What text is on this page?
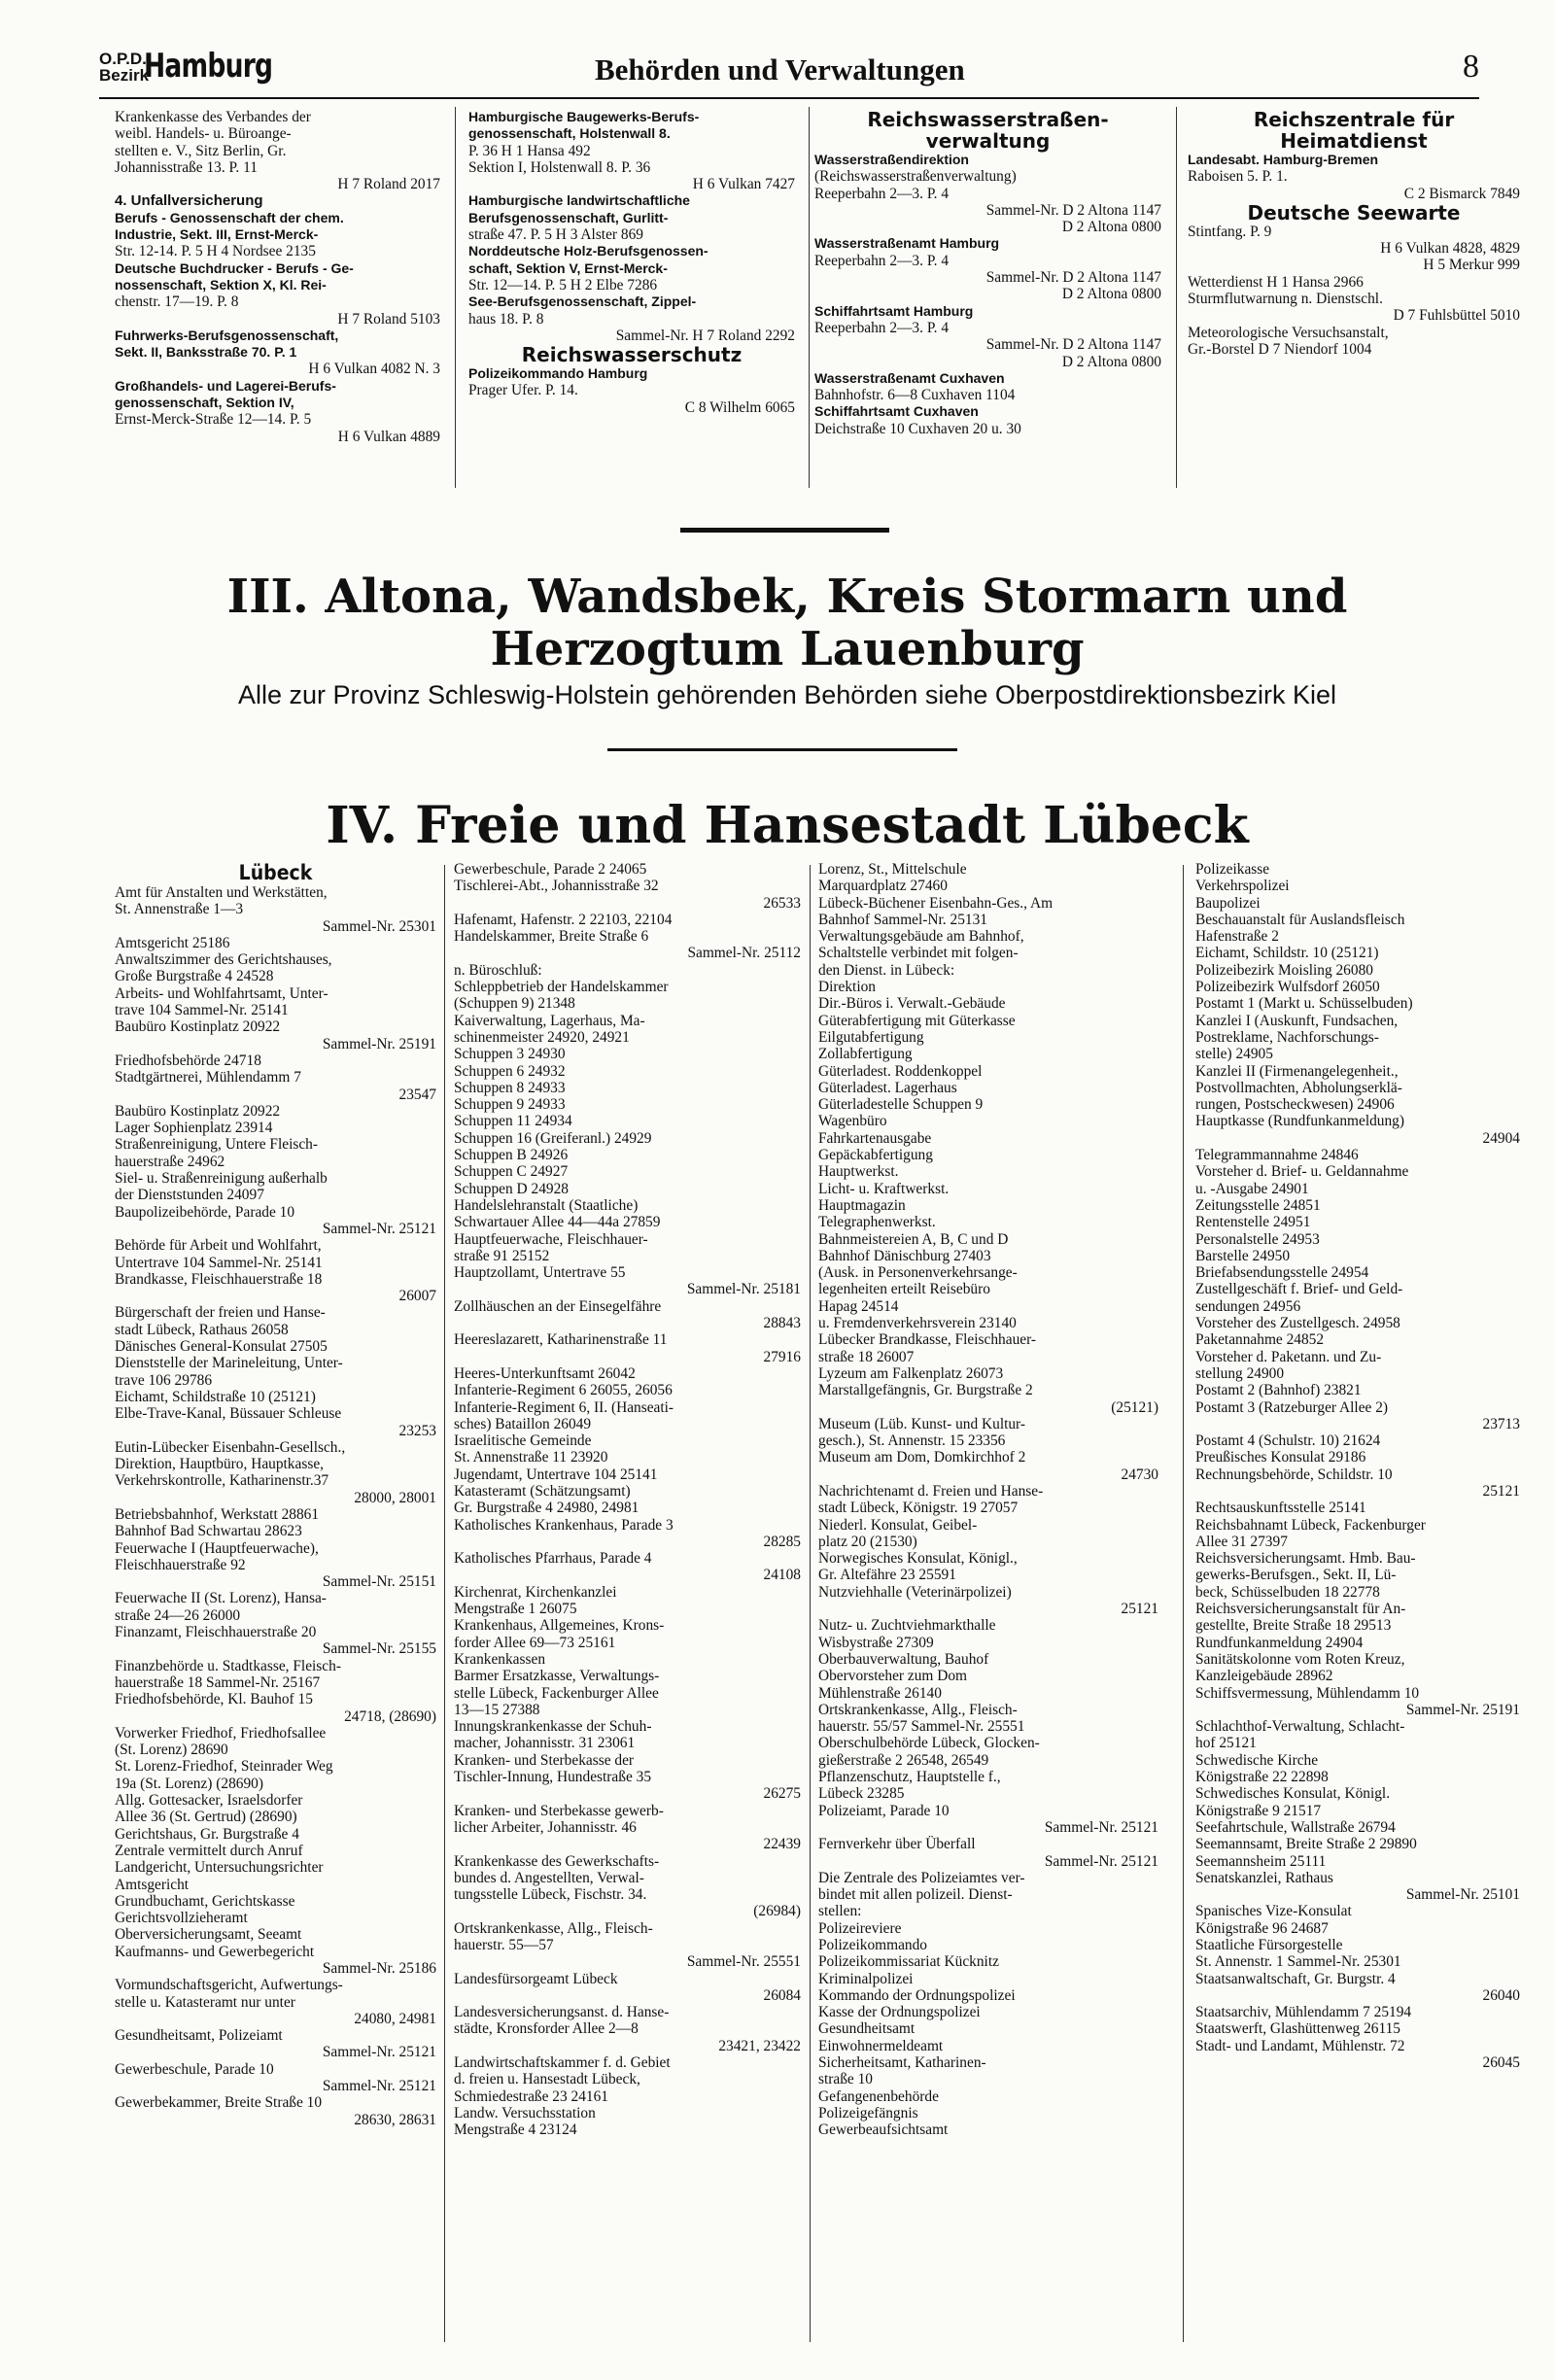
O.P.D.
Bezirk
Hamburg	Behörden und Verwaltungen	8
Krankenkasse des Verbandes der
weibl. Handels- u. Büroange-
stellten e. V., Sitz Berlin, Gr.
Johannisstraße 13. P. 11
H 7 Roland 2017
4. Unfallversicherung
Berufs - Genossenschaft der chem.
Industrie, Sekt. III, Ernst-Merck-
Str. 12-14. P. 5 H 4 Nordsee 2135
Deutsche Buchdrucker - Berufs - Ge-
nossenschaft, Sektion X, Kl. Rei-
chenstr. 17—19. P. 8
H 7 Roland 5103
Fuhrwerks-Berufsgenossenschaft,
Sekt. II, Banksstraße 70. P. 1
H 6 Vulkan 4082 N. 3
Großhandels- und Lagerei-Berufs-
genossenschaft, Sektion IV,
Ernst-Merck-Straße 12—14. P. 5
H 6 Vulkan 4889
Hamburgische Baugewerks-Berufs-
genossenschaft, Holstenwall 8.
P. 36 H 1 Hansa 492
Sektion I, Holstenwall 8. P. 36
H 6 Vulkan 7427
Hamburgische landwirtschaftliche
Berufsgenossenschaft, Gurlitt-
straße 47. P. 5 H 3 Alster 869
Norddeutsche Holz-Berufsgenossen-
schaft, Sektion V, Ernst-Merck-
Str. 12—14. P. 5 H 2 Elbe 7286
See-Berufsgenossenschaft, Zippel-
haus 18. P. 8
Sammel-Nr. H 7 Roland 2292
Reichswasserschutz
Polizeikommando Hamburg
Prager Ufer. P. 14.
C 8 Wilhelm 6065
Reichswasserstraßen-
verwaltung
Wasserstraßendirektion
(Reichswasserstraßenverwaltung)
Reeperbahn 2—3. P. 4
Sammel-Nr. D 2 Altona 1147
D 2 Altona 0800
Wasserstraßenamt Hamburg
Reeperbahn 2—3. P. 4
Sammel-Nr. D 2 Altona 1147
D 2 Altona 0800
Schiffahrtsamt Hamburg
Reeperbahn 2—3. P. 4
Sammel-Nr. D 2 Altona 1147
D 2 Altona 0800
Wasserstraßenamt Cuxhaven
Bahnhofstr. 6—8 Cuxhaven 1104
Schiffahrtsamt Cuxhaven
Deichstraße 10 Cuxhaven 20 u. 30
Reichszentrale für
Heimatdienst
Landesabt. Hamburg-Bremen
Raboisen 5. P. 1.
C 2 Bismarck 7849
Deutsche Seewarte
Stintfang. P. 9
H 6 Vulkan 4828, 4829
H 5 Merkur 999
Wetterdienst H 1 Hansa 2966
Sturmflutwarnung n. Dienstschl.
D 7 Fuhlsbüttel 5010
Meteorologische Versuchsanstalt,
Gr.-Borstel D 7 Niendorf 1004
III. Altona, Wandsbek, Kreis Stormarn und
Herzogtum Lauenburg
Alle zur Provinz Schleswig-Holstein gehörenden Behörden siehe Oberpostdirektionsbezirk Kiel
IV. Freie und Hansestadt Lübeck
Lübeck
Amt für Anstalten und Werkstätten,
St. Annenstraße 1—3
Sammel-Nr. 25301
Amtsgericht 25186
Anwaltszimmer des Gerichtshauses,
Große Burgstraße 4 24528
Arbeits- und Wohlfahrtsamt, Unter-
trave 104 Sammel-Nr. 25141
Baubüro Kostinplatz 20922
Sammel-Nr. 25191
Friedhofsbehörde 24718
Stadtgärtnerei, Mühlendamm 7
23547
Baubüro Kostinplatz 20922
Lager Sophienplatz 23914
Straßenreinigung, Untere Fleisch-
hauerstraße 24962
Siel- u. Straßenreinigung außerhalb
der Dienststunden 24097
Baupolizeibehörde, Parade 10
Sammel-Nr. 25121
Behörde für Arbeit und Wohlfahrt,
Untertrave 104 Sammel-Nr. 25141
Brandkasse, Fleischhauerstraße 18
26007
Bürgerschaft der freien und Hanse-
stadt Lübeck, Rathaus 26058
Dänisches General-Konsulat 27505
Dienststelle der Marineleitung, Unter-
trave 106 29786
Eichamt, Schildstraße 10 (25121)
Elbe-Trave-Kanal, Büssauer Schleuse
23253
Eutin-Lübecker Eisenbahn-Gesellsch.,
Direktion, Hauptbüro, Hauptkasse,
Verkehrskontrolle, Katharinenstr.37
28000, 28001
Betriebsbahnhof, Werkstatt 28861
Bahnhof Bad Schwartau 28623
Feuerwache I (Hauptfeuerwache),
Fleischhauerstraße 92
Sammel-Nr. 25151
Feuerwache II (St. Lorenz), Hansa-
straße 24—26 26000
Finanzamt, Fleischhauerstraße 20
Sammel-Nr. 25155
Finanzbehörde u. Stadtkasse, Fleisch-
hauerstraße 18 Sammel-Nr. 25167
Friedhofsbehörde, Kl. Bauhof 15
24718, (28690)
Vorwerker Friedhof, Friedhofsallee
(St. Lorenz) 28690
St. Lorenz-Friedhof, Steinrader Weg
19a (St. Lorenz) (28690)
Allg. Gottesacker, Israelsdorfer
Allee 36 (St. Gertrud) (28690)
Gerichtshaus, Gr. Burgstraße 4
Zentrale vermittelt durch Anruf
Landgericht, Untersuchungsrichter
Amtsgericht
Grundbuchamt, Gerichtskasse
Gerichtsvollzieheramt
Oberversicherungsamt, Seeamt
Kaufmanns- und Gewerbegericht
Sammel-Nr. 25186
Vormundschaftsgericht, Aufwertungs-
stelle u. Katasteramt nur unter
24080, 24981
Gesundheitsamt, Polizeiamt
Sammel-Nr. 25121
Gewerbeschule, Parade 10
Sammel-Nr. 25121
Gewerbekammer, Breite Straße 10
28630, 28631
Gewerbeschule, Parade 2 24065
Tischlerei-Abt., Johannisstraße 32
26533
Hafenamt, Hafenstr. 2 22103, 22104
Handelskammer, Breite Straße 6
Sammel-Nr. 25112
n. Büroschluß:
Schleppbetrieb der Handelskammer
(Schuppen 9) 21348
Kaiverwaltung, Lagerhaus, Ma-
schinenmeister 24920, 24921
Schuppen 3 24930
Schuppen 6 24932
Schuppen 8 24933
Schuppen 9 24933
Schuppen 11 24934
Schuppen 16 (Greiferanl.) 24929
Schuppen B 24926
Schuppen C 24927
Schuppen D 24928
Handelslehranstalt (Staatliche)
Schwartauer Allee 44—44a 27859
Hauptfeuerwache, Fleischhauer-
straße 91 25152
Hauptzollamt, Untertrave 55
Sammel-Nr. 25181
Zollhäuschen an der Einsegelfähre
28843
Heereslazarett, Katharinenstraße 11
27916
Heeres-Unterkunftsamt 26042
Infanterie-Regiment 6 26055, 26056
Infanterie-Regiment 6, II. (Hanseati-
sches) Bataillon 26049
Israelitische Gemeinde
St. Annenstraße 11 23920
Jugendamt, Untertrave 104 25141
Katasteramt (Schätzungsamt)
Gr. Burgstraße 4 24980, 24981
Katholisches Krankenhaus, Parade 3
28285
Katholisches Pfarrhaus, Parade 4
24108
Kirchenrat, Kirchenkanzlei
Mengstraße 1 26075
Krankenhaus, Allgemeines, Krons-
forder Allee 69—73 25161
Krankenkassen
Barmer Ersatzkasse, Verwaltungs-
stelle Lübeck, Fackenburger Allee
13—15 27388
Innungskrankenkasse der Schuh-
macher, Johannisstr. 31 23061
Kranken- und Sterbekasse der
Tischler-Innung, Hundestraße 35
26275
Kranken- und Sterbekasse gewerb-
licher Arbeiter, Johannisstr. 46
22439
Krankenkasse des Gewerkschafts-
bundes d. Angestellten, Verwal-
tungsstelle Lübeck, Fischstr. 34.
(26984)
Ortskrankenkasse, Allg., Fleisch-
hauerstr. 55—57
Sammel-Nr. 25551
Landesfürsorgeamt Lübeck
26084
Landesversicherungsanst. d. Hanse-
städte, Kronsforder Allee 2—8
23421, 23422
Landwirtschaftskammer f. d. Gebiet
d. freien u. Hansestadt Lübeck,
Schmiedestraße 23 24161
Landw. Versuchsstation
Mengstraße 4 23124
Lorenz, St., Mittelschule
Marquardplatz 27460
Lübeck-Büchener Eisenbahn-Ges., Am
Bahnhof Sammel-Nr. 25131
Verwaltungsgebäude am Bahnhof,
Schaltstelle verbindet mit folgen-
den Dienst. in Lübeck:
Direktion
Dir.-Büros i. Verwalt.-Gebäude
Güterabfertigung mit Güterkasse
Eilgutabfertigung
Zollabfertigung
Güterladest. Roddenkoppel
Güterladest. Lagerhaus
Güterladestelle Schuppen 9
Wagenbüro
Fahrkartenausgabe
Gepäckabfertigung
Hauptwerkst.
Licht- u. Kraftwerkst.
Hauptmagazin
Telegraphenwerkst.
Bahnmeistereien A, B, C und D
Bahnhof Dänischburg 27403
(Ausk. in Personenverkehrsange-
legenheiten erteilt Reisebüro
Hapag 24514
u. Fremdenverkehrsverein 23140
Lübecker Brandkasse, Fleischhauer-
straße 18 26007
Lyzeum am Falkenplatz 26073
Marstallgefängnis, Gr. Burgstraße 2
(25121)
Museum (Lüb. Kunst- und Kultur-
gesch.), St. Annenstr. 15 23356
Museum am Dom, Domkirchhof 2
24730
Nachrichtenamt d. Freien und Hanse-
stadt Lübeck, Königstr. 19 27057
Niederl. Konsulat, Geibel-
platz 20 (21530)
Norwegisches Konsulat, Königl.,
Gr. Altefähre 23 25591
Nutzviehhalle (Veterinärpolizei)
25121
Nutz- u. Zuchtviehmarkthalle
Wisbystraße 27309
Oberbauverwaltung, Bauhof
Obervorsteher zum Dom
Mühlenstraße 26140
Ortskrankenkasse, Allg., Fleisch-
hauerstr. 55/57 Sammel-Nr. 25551
Oberschulbehörde Lübeck, Glocken-
gießerstraße 2 26548, 26549
Pflanzenschutz, Hauptstelle f.,
Lübeck 23285
Polizeiamt, Parade 10
Sammel-Nr. 25121
Fernverkehr über Überfall
Sammel-Nr. 25121
Die Zentrale des Polizeiamtes ver-
bindet mit allen polizeil. Dienst-
stellen:
Polizeireviere
Polizeikommando
Polizeikommissariat Kücknitz
Kriminalpolizei
Kommando der Ordnungspolizei
Kasse der Ordnungspolizei
Gesundheitsamt
Einwohnermeldeamt
Sicherheitsamt, Katharinen-
straße 10
Gefangenenbehörde
Polizeigefängnis
Gewerbeaufsichtsamt
Polizeikasse
Verkehrspolizei
Baupolizei
Beschauanstalt für Auslandsfleisch
Hafenstraße 2
Eichamt, Schildstr. 10 (25121)
Polizeibezirk Moisling 26080
Polizeibezirk Wulfsdorf 26050
Postamt 1 (Markt u. Schüsselbuden)
Kanzlei I (Auskunft, Fundsachen,
Postreklame, Nachforschungs-
stelle) 24905
Kanzlei II (Firmenangelegenheit.,
Postvollmachten, Abholungserklä-
rungen, Postscheckwesen) 24906
Hauptkasse (Rundfunkanmeldung)
24904
Telegrammannahme 24846
Vorsteher d. Brief- u. Geldannahme
u. -Ausgabe 24901
Zeitungsstelle 24851
Rentenstelle 24951
Personalstelle 24953
Barstelle 24950
Briefabsendungsstelle 24954
Zustellgeschäft f. Brief- und Geld-
sendungen 24956
Vorsteher des Zustellgesch. 24958
Paketannahme 24852
Vorsteher d. Paketann. und Zu-
stellung 24900
Postamt 2 (Bahnhof) 23821
Postamt 3 (Ratzeburger Allee 2)
23713
Postamt 4 (Schulstr. 10) 21624
Preußisches Konsulat 29186
Rechnungsbehörde, Schildstr. 10
25121
Rechtsauskunftsstelle 25141
Reichsbahnamt Lübeck, Fackenburger
Allee 31 27397
Reichsversicherungsamt. Hmb. Bau-
gewerks-Berufsgen., Sekt. II, Lü-
beck, Schüsselbuden 18 22778
Reichsversicherungsanstalt für An-
gestellte, Breite Straße 18 29513
Rundfunkanmeldung 24904
Sanitätskolonne vom Roten Kreuz,
Kanzleigebäude 28962
Schiffsvermessung, Mühlendamm 10
Sammel-Nr. 25191
Schlachthof-Verwaltung, Schlacht-
hof 25121
Schwedische Kirche
Königstraße 22 22898
Schwedisches Konsulat, Königl.
Königstraße 9 21517
Seefahrtschule, Wallstraße 26794
Seemannsamt, Breite Straße 2 29890
Seemannsheim 25111
Senatskanzlei, Rathaus
Sammel-Nr. 25101
Spanisches Vize-Konsulat
Königstraße 96 24687
Staatliche Fürsorgestelle
St. Annenstr. 1 Sammel-Nr. 25301
Staatsanwaltschaft, Gr. Burgstr. 4
26040
Staatsarchiv, Mühlendamm 7 25194
Staatswerft, Glashüttenweg 26115
Stadt- und Landamt, Mühlenstr. 72
26045
